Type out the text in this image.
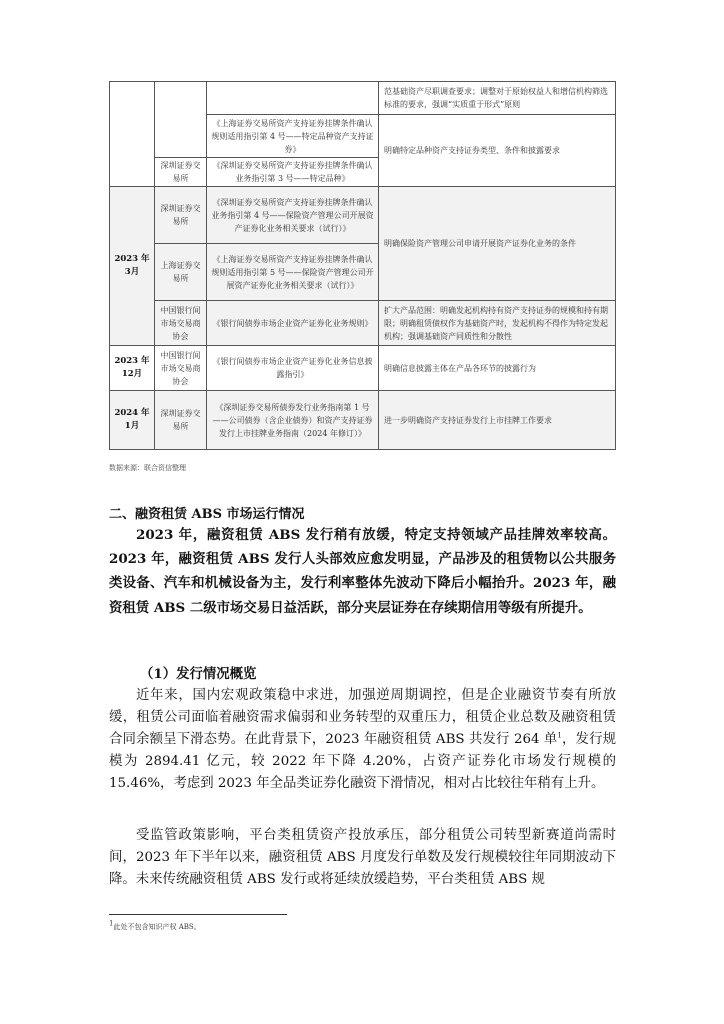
			范基础资产尽职调查要求；调整对于原始权益人和增信机构筛选标准的要求，强调“实质重于形式”原则
		《上海证券交易所资产支持证券挂牌条件确认规则适用指引第 4 号——特定品种资产支持证券》	明确特定品种资产支持证券类型、条件和披露要求
	深圳证券交易所	《深圳证券交易所资产支持证券挂牌条件确认业务指引第 3 号——特定品种》	
2023 年 3月	深圳证券交易所	《深圳证券交易所资产支持证券挂牌条件确认业务指引第 4 号——保险资产管理公司开展资产证券化业务相关要求（试行）》	明确保险资产管理公司申请开展资产证券化业务的条件
	上海证券交易所	《上海证券交易所资产支持证券挂牌条件确认规则适用指引第 5 号——保险资产管理公司开展资产证券化业务相关要求（试行）》	
	中国银行间市场交易商协会	《银行间债券市场企业资产证券化业务规则》	扩大产品范围：明确发起机构持有资产支持证券的规模和持有期限；明确租赁债权作为基础资产时，发起机构不得作为特定发起机构；强调基础资产同质性和分散性
2023 年 12月	中国银行间市场交易商协会	《银行间债券市场企业资产证券化业务信息披露指引》	明确信息披露主体在产品各环节的披露行为
2024 年 1月	深圳证券交易所	《深圳证券交易所债券发行业务指南第 1 号——公司债券（含企业债券）和资产支持证券发行上市挂牌业务指南（2024 年修订）》	进一步明确资产支持证券发行上市挂牌工作要求
数据来源：联合资信整理
二、融资租赁 ABS 市场运行情况
2023 年，融资租赁 ABS 发行稍有放缓，特定支持领域产品挂牌效率较高。2023 年，融资租赁 ABS 发行人头部效应愈发明显，产品涉及的租赁物以公共服务类设备、汽车和机械设备为主，发行利率整体先波动下降后小幅抬升。2023 年，融资租赁 ABS 二级市场交易日益活跃，部分夹层证券在存续期信用等级有所提升。
（1）发行情况概览
近年来，国内宏观政策稳中求进，加强逆周期调控，但是企业融资节奏有所放缓，租赁公司面临着融资需求偏弱和业务转型的双重压力，租赁企业总数及融资租赁合同余额呈下滑态势。在此背景下，2023 年融资租赁 ABS 共发行 264 单$^1$，发行规模为 2894.41 亿元，较 2022 年下降 4.20%，占资产证券化市场发行规模的 15.46%，考虑到 2023 年全品类证券化融资下滑情况，相对占比较往年稍有上升。
受监管政策影响，平台类租赁资产投放承压，部分租赁公司转型新赛道尚需时间，2023 年下半年以来，融资租赁 ABS 月度发行单数及发行规模较往年同期波动下降。未来传统融资租赁 ABS 发行或将延续放缓趋势，平台类租赁 ABS 规
1此处不包含知识产权 ABS。
